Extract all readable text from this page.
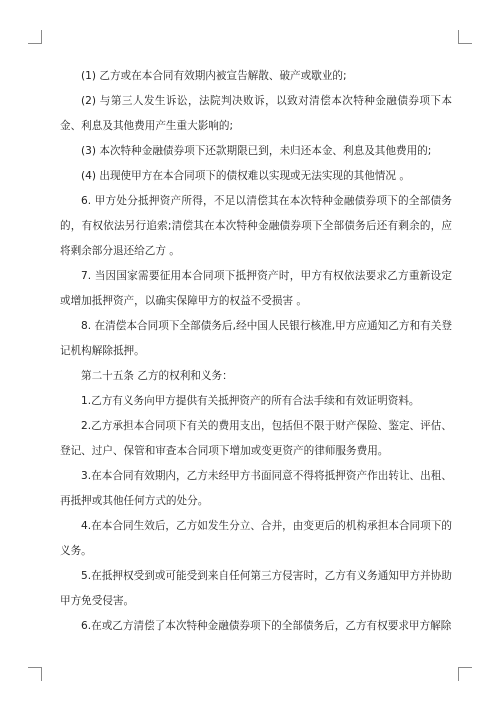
(1) 乙方或在本合同有效期内被宣告解散、破产或歇业的;

(2) 与第三人发生诉讼，法院判决败诉，以致对清偿本次特种金融债券项下本金、利息及其他费用产生重大影响的;

(3) 本次特种金融债券项下还款期限已到，未归还本金、利息及其他费用的;

(4) 出现使甲方在本合同项下的债权难以实现或无法实现的其他情况 。

6. 甲方处分抵押资产所得，不足以清偿其在本次特种金融债券项下的全部债务的，有权依法另行追索;清偿其在本次特种金融债券项下全部债务后还有剩余的，应将剩余部分退还给乙方 。

7. 当因国家需要征用本合同项下抵押资产时，甲方有权依法要求乙方重新设定或增加抵押资产，以确实保障甲方的权益不受损害 。

8. 在清偿本合同项下全部债务后,经中国人民银行核准,甲方应通知乙方和有关登记机构解除抵押。

第二十五条 乙方的权利和义务：

1.乙方有义务向甲方提供有关抵押资产的所有合法手续和有效证明资料。

2.乙方承担本合同项下有关的费用支出，包括但不限于财产保险、鉴定、评估、登记、过户、保管和审查本合同项下增加或变更资产的律师服务费用。

3.在本合同有效期内，乙方未经甲方书面同意不得将抵押资产作出转让、出租、再抵押或其他任何方式的处分。

4.在本合同生效后，乙方如发生分立、合并，由变更后的机构承担本合同项下的义务。

5.在抵押权受到或可能受到来自任何第三方侵害时，乙方有义务通知甲方并协助甲方免受侵害。

6.在或乙方清偿了本次特种金融债券项下的全部债务后，乙方有权要求甲方解除
